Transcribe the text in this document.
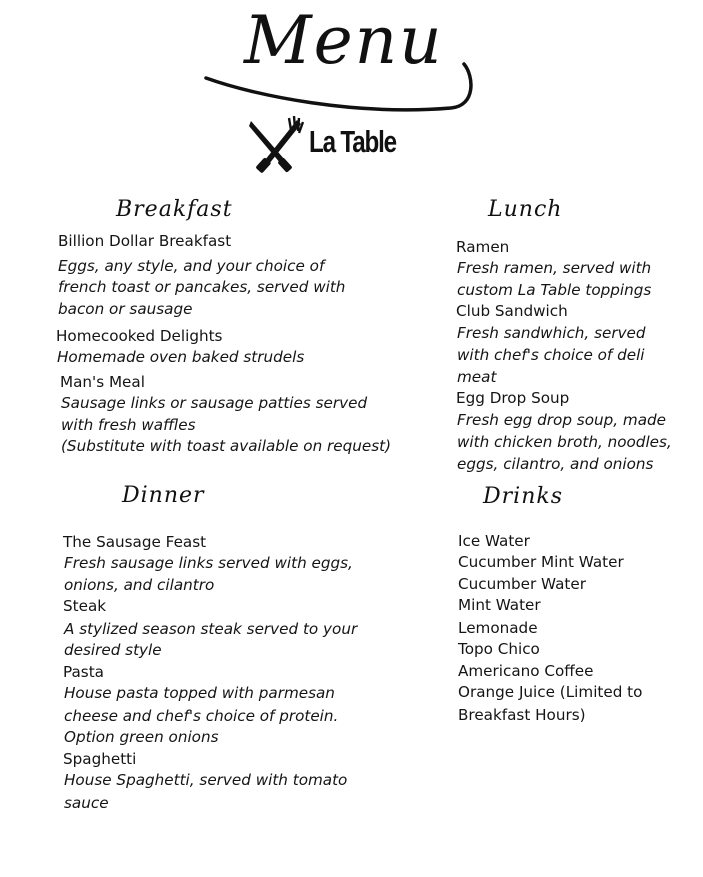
Menu
La Table
Breakfast
Billion Dollar Breakfast
Eggs, any style, and your choice of
french toast or pancakes, served with
bacon or sausage
Homecooked Delights
Homemade oven baked strudels
Man's Meal
Sausage links or sausage patties served
with fresh waffles
(Substitute with toast available on request)
Lunch
Ramen
Fresh ramen, served with
custom La Table toppings
Club Sandwich
Fresh sandwhich, served
with chef's choice of deli
meat
Egg Drop Soup
Fresh egg drop soup, made
with chicken broth, noodles,
eggs, cilantro, and onions
Dinner
The Sausage Feast
Fresh sausage links served with eggs,
onions, and cilantro
Steak
A stylized season steak served to your
desired style
Pasta
House pasta topped with parmesan
cheese and chef's choice of protein.
Option green onions
Spaghetti
House Spaghetti, served with tomato
sauce
Drinks
Ice Water
Cucumber Mint Water
Cucumber Water
Mint Water
Lemonade
Topo Chico
Americano Coffee
Orange Juice (Limited to
Breakfast Hours)
